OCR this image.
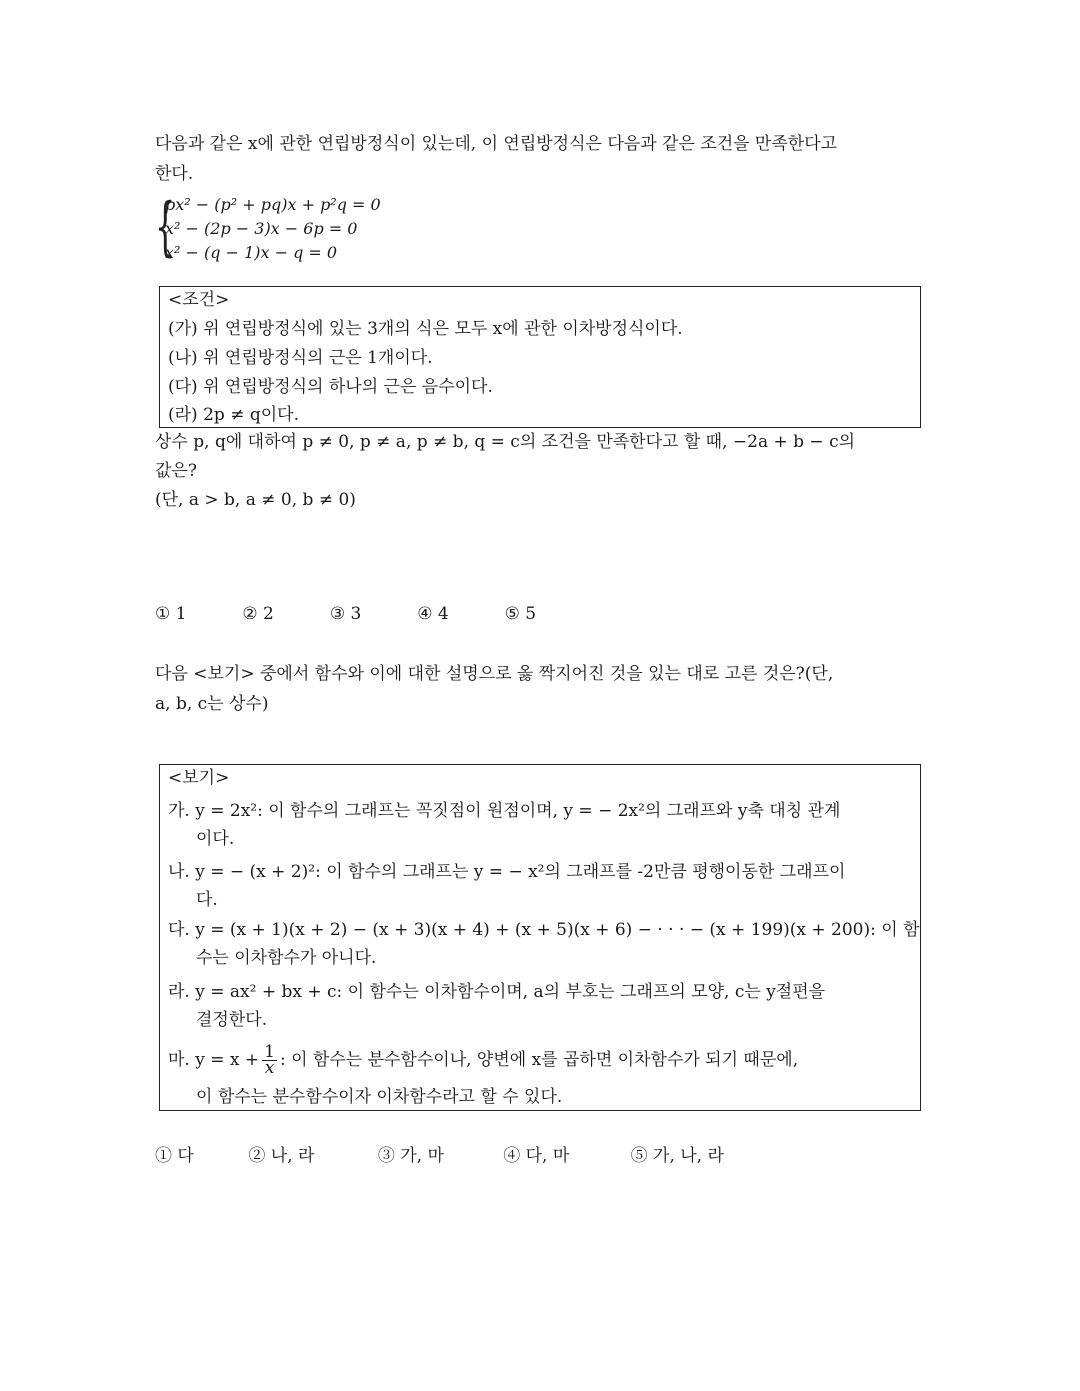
다음과 같은 x에 관한 연립방정식이 있는데, 이 연립방정식은 다음과 같은 조건을 만족한다고
한다.
{
px² − (p² + pq)x + p²q = 0
x² − (2p − 3)x − 6p = 0
x² − (q − 1)x − q = 0
<조건>
(가) 위 연립방정식에 있는 3개의 식은 모두 x에 관한 이차방정식이다.
(나) 위 연립방정식의 근은 1개이다.
(다) 위 연립방정식의 하나의 근은 음수이다.
(라) 2p ≠ q이다.
상수 p, q에 대하여 p ≠ 0, p ≠ a, p ≠ b, q = c의 조건을 만족한다고 할 때, −2a + b − c의
값은?
(단, a > b, a ≠ 0, b ≠ 0)
① 1	② 2	③ 3	④ 4	⑤ 5
다음 <보기> 중에서 함수와 이에 대한 설명으로 옳 짝지어진 것을 있는 대로 고른 것은?(단,
a, b, c는 상수)
<보기>
가. y = 2x²: 이 함수의 그래프는 꼭짓점이 원점이며, y = − 2x²의 그래프와 y축 대칭 관계
이다.
나. y = − (x + 2)²: 이 함수의 그래프는 y = − x²의 그래프를 -2만큼 평행이동한 그래프이
다.
다. y = (x + 1)(x + 2) − (x + 3)(x + 4) + (x + 5)(x + 6) − · · · − (x + 199)(x + 200): 이 함
수는 이차함수가 아니다.
라. y = ax² + bx + c: 이 함수는 이차함수이며, a의 부호는 그래프의 모양, c는 y절편을
결정한다.
마. $y = x + \frac{1}{x}$ : 이 함수는 분수함수이나, 양변에 x를 곱하면 이차함수가 되기 때문에,
이 함수는 분수함수이자 이차함수라고 할 수 있다.
① 다	② 나, 라	③ 가, 마	④ 다, 마	⑤ 가, 나, 라
